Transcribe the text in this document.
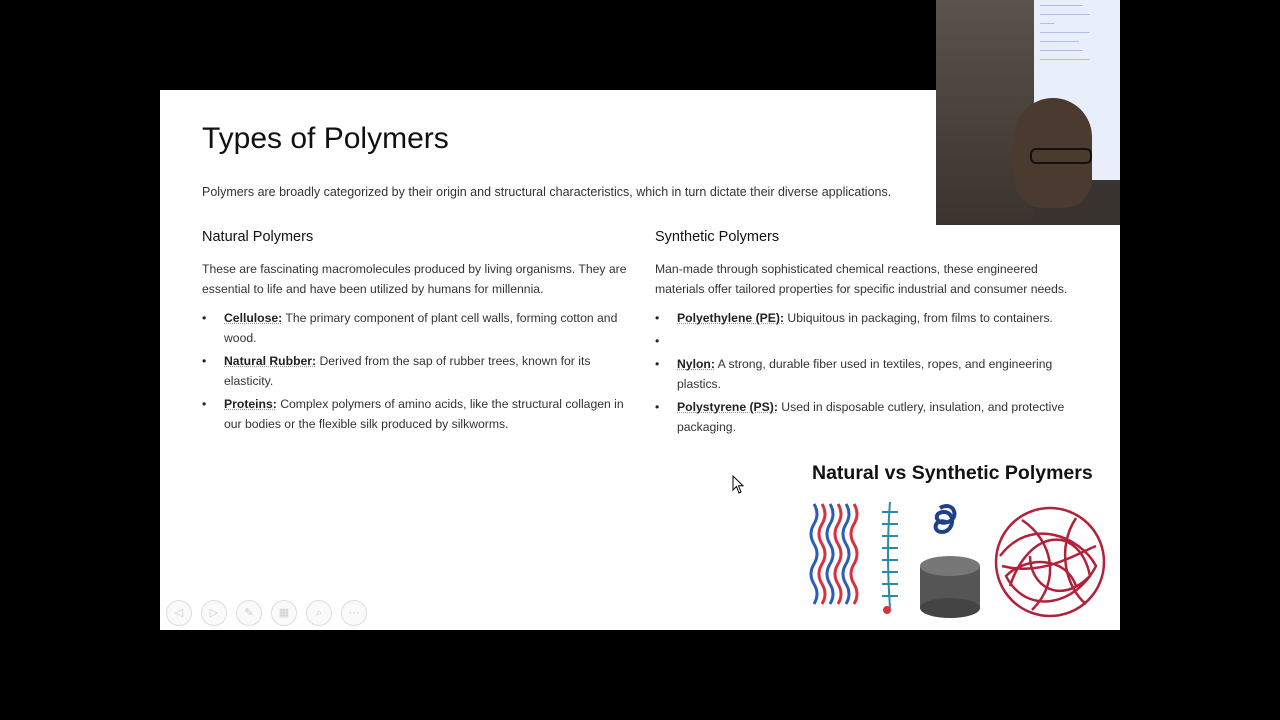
Types of Polymers
Polymers are broadly categorized by their origin and structural characteristics, which in turn dictate their diverse applications.
Natural Polymers

These are fascinating macromolecules produced by living organisms. They are essential to life and have been utilized by humans for millennia.

• Cellulose: The primary component of plant cell walls, forming cotton and wood.
• Natural Rubber: Derived from the sap of rubber trees, known for its elasticity.
• Proteins: Complex polymers of amino acids, like the structural collagen in our bodies or the flexible silk produced by silkworms.
Synthetic Polymers

Man-made through sophisticated chemical reactions, these engineered materials offer tailored properties for specific industrial and consumer needs.

• Polyethylene (PE): Ubiquitous in packaging, from films to containers.
•
• Nylon: A strong, durable fiber used in textiles, ropes, and engineering plastics.
• Polystyrene (PS): Used in disposable cutlery, insulation, and protective packaging.
────────────
──────────────
────
──────────────
───────────
────────────
──────────────
Natural vs Synthetic Polymers
◁	▷	✎	▦	⌕	⋯
